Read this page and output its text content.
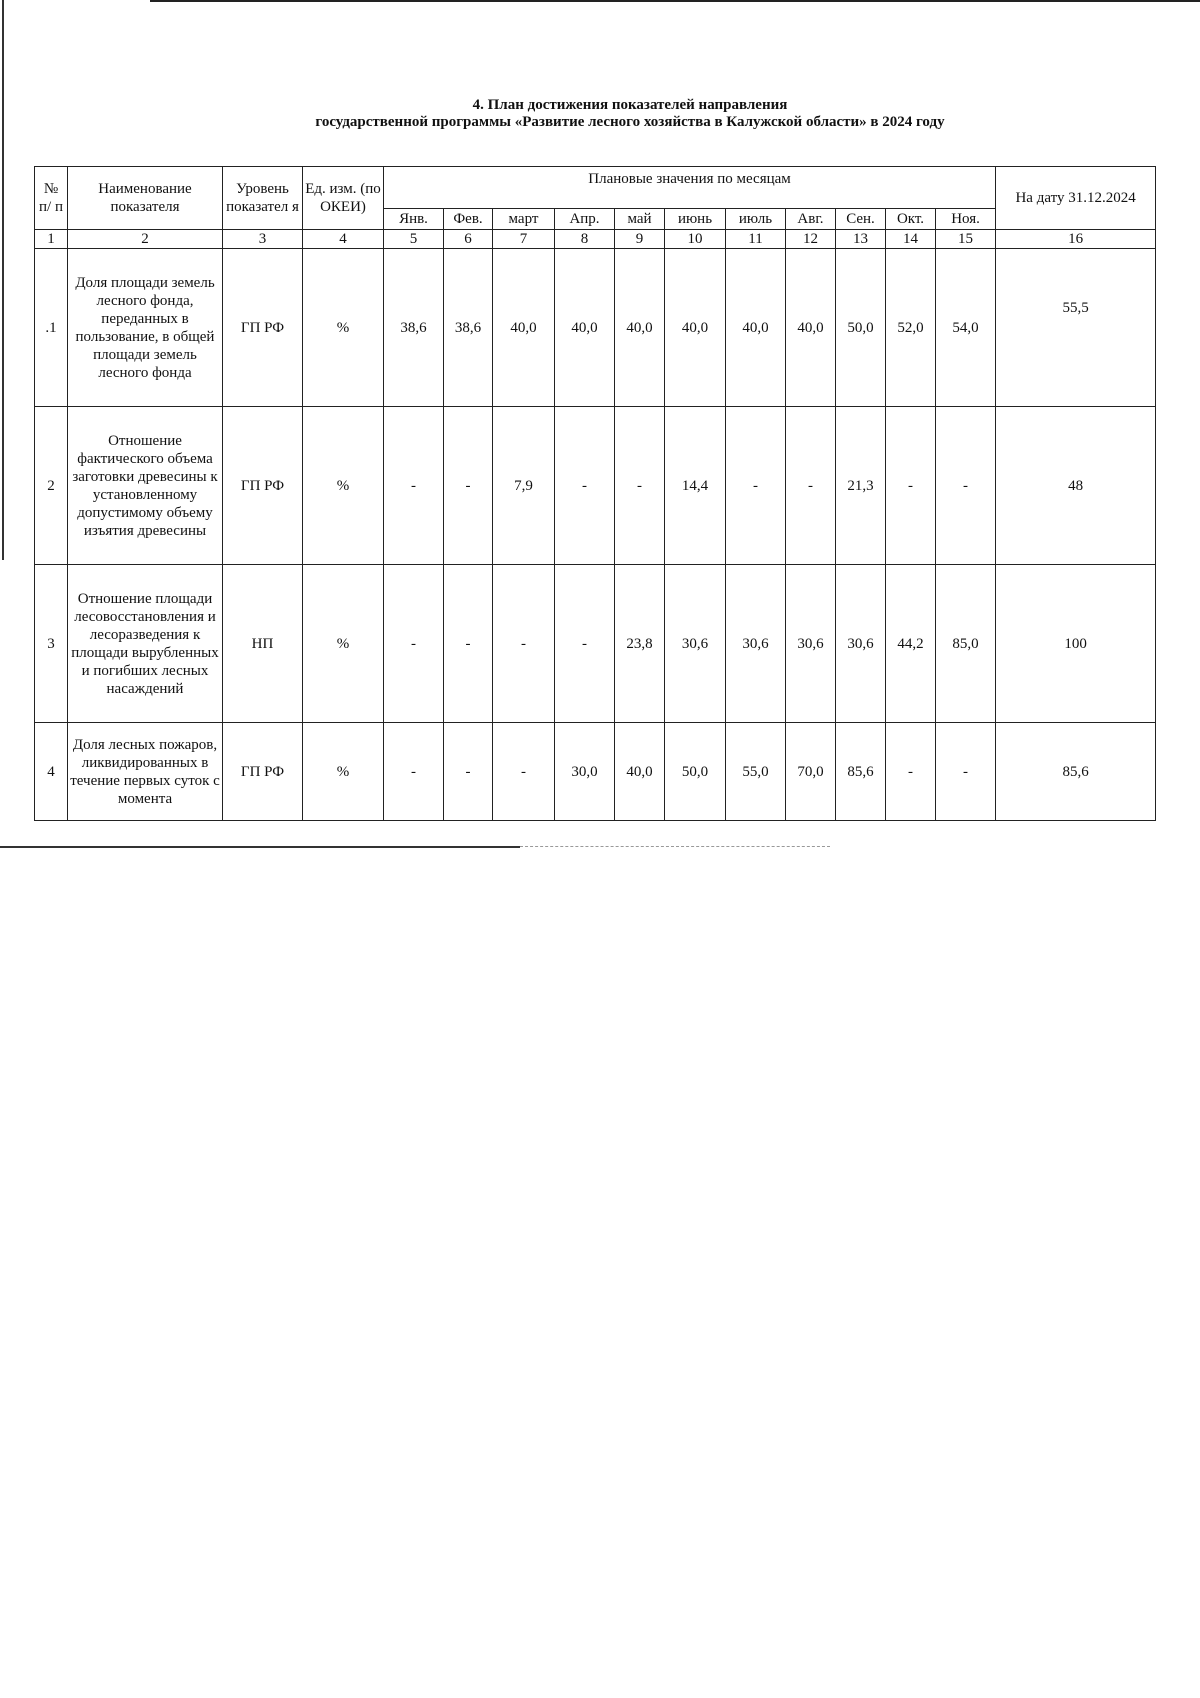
4. План достижения показателей направления
государственной программы «Развитие лесного хозяйства в Калужской области» в 2024 году
№ п/ п	Наименование показателя	Уровень показател я	Ед. изм. (по ОКЕИ)	Плановые значения по месяцам											На дату 31.12.2024
				Янв.	Фев.	март	Апр.	май	июнь	июль	Авг.	Сен.	Окт.	Ноя.	
1	2	3	4	5	6	7	8	9	10	11	12	13	14	15	16
.1	Доля площади земель лесного фонда, переданных в пользование, в общей площади земель лесного фонда	ГП РФ	%	38,6	38,6	40,0	40,0	40,0	40,0	40,0	40,0	50,0	52,0	54,0	55,5
2	Отношение фактического объема заготовки древесины к установленному допустимому объему изъятия древесины	ГП РФ	%	-	-	7,9	-	-	14,4	-	-	21,3	-	-	48
3	Отношение площади лесовосстановления и лесоразведения к площади вырубленных и погибших лесных насаждений	НП	%	-	-	-	-	23,8	30,6	30,6	30,6	30,6	44,2	85,0	100
4	Доля лесных пожаров, ликвидированных в течение первых суток с момента	ГП РФ	%	-	-	-	30,0	40,0	50,0	55,0	70,0	85,6	-	-	85,6
